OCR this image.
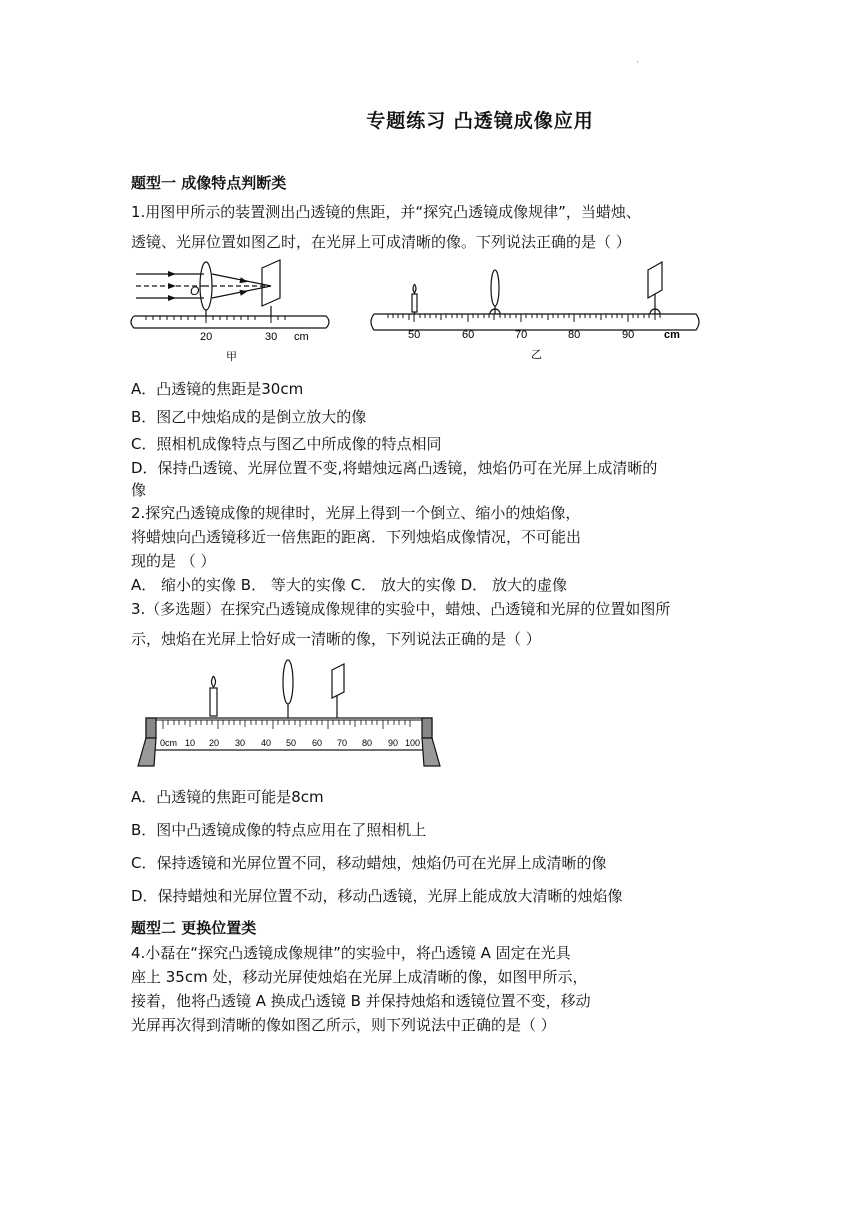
·
专题练习 凸透镜成像应用
题型一 成像特点判断类
1.用图甲所示的装置测出凸透镜的焦距，并“探究凸透镜成像规律”，当蜡烛、
透镜、光屏位置如图乙时，在光屏上可成清晰的像。下列说法正确的是（ ）
O
20	30 cm
甲
50	60	70	80	90	cm
乙
A．凸透镜的焦距是30cm
B．图乙中烛焰成的是倒立放大的像
C．照相机成像特点与图乙中所成像的特点相同
D．保持凸透镜、光屏位置不变,将蜡烛远离凸透镜，烛焰仍可在光屏上成清晰的
像
2.探究凸透镜成像的规律时，光屏上得到一个倒立、缩小的烛焰像，
将蜡烛向凸透镜移近一倍焦距的距离．下列烛焰成像情况，不可能出
现的是 （ ）
A． 缩小的实像 B． 等大的实像 C． 放大的实像 D． 放大的虚像
3.（多选题）在探究凸透镜成像规律的实验中，蜡烛、凸透镜和光屏的位置如图所
示，烛焰在光屏上恰好成一清晰的像，下列说法正确的是（ ）
0cm 10 20 30 40 50 60 70 80 90 100
A．凸透镜的焦距可能是8cm
B．图中凸透镜成像的特点应用在了照相机上
C．保持透镜和光屏位置不同，移动蜡烛，烛焰仍可在光屏上成清晰的像
D．保持蜡烛和光屏位置不动，移动凸透镜，光屏上能成放大清晰的烛焰像
题型二 更换位置类
4.小磊在“探究凸透镜成像规律”的实验中，将凸透镜 A 固定在光具
座上 35cm 处，移动光屏使烛焰在光屏上成清晰的像，如图甲所示，
接着，他将凸透镜 A 换成凸透镜 B 并保持烛焰和透镜位置不变，移动
光屏再次得到清晰的像如图乙所示，则下列说法中正确的是（ ）
